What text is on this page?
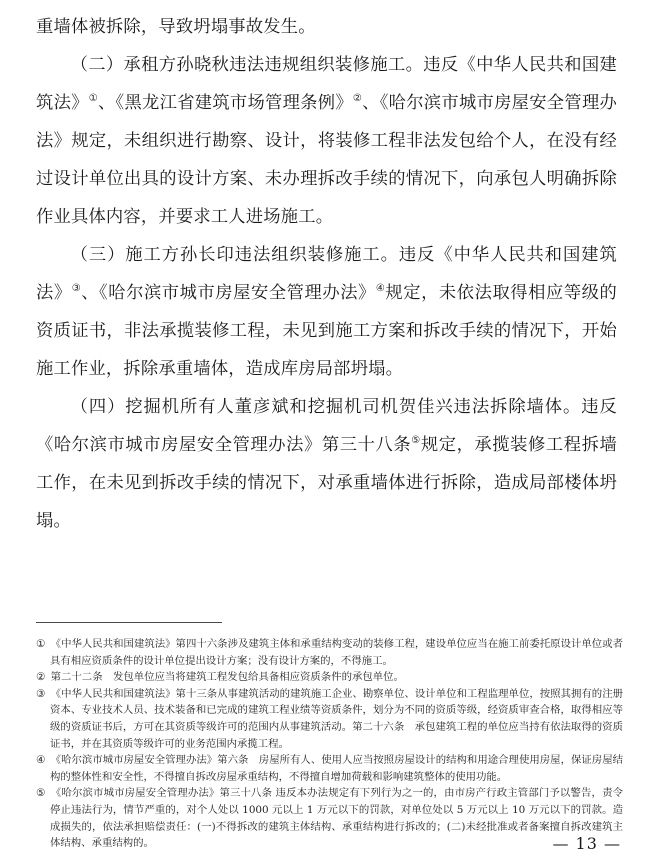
重墙体被拆除，导致坍塌事故发生。

（二）承租方孙晓秋违法违规组织装修施工。违反《中华人民共和国建筑法》①、《黑龙江省建筑市场管理条例》②、《哈尔滨市城市房屋安全管理办法》规定，未组织进行勘察、设计，将装修工程非法发包给个人，在没有经过设计单位出具的设计方案、未办理拆改手续的情况下，向承包人明确拆除作业具体内容，并要求工人进场施工。

（三）施工方孙长印违法组织装修施工。违反《中华人民共和国建筑法》③、《哈尔滨市城市房屋安全管理办法》④规定，未依法取得相应等级的资质证书，非法承揽装修工程，未见到施工方案和拆改手续的情况下，开始施工作业，拆除承重墙体，造成库房局部坍塌。

（四）挖掘机所有人董彦斌和挖掘机司机贺佳兴违法拆除墙体。违反《哈尔滨市城市房屋安全管理办法》第三十八条⑤规定，承揽装修工程拆墙工作，在未见到拆改手续的情况下，对承重墙体进行拆除，造成局部楼体坍塌。

① 《中华人民共和国建筑法》第四十六条涉及建筑主体和承重结构变动的装修工程，建设单位应当在施工前委托原设计单位或者具有相应资质条件的设计单位提出设计方案；没有设计方案的，不得施工。

② 第二十二条　发包单位应当将建筑工程发包给具备相应资质条件的承包单位。

③ 《中华人民共和国建筑法》第十三条从事建筑活动的建筑施工企业、勘察单位、设计单位和工程监理单位，按照其拥有的注册资本、专业技术人员、技术装备和已完成的建筑工程业绩等资质条件，划分为不同的资质等级，经资质审查合格，取得相应等级的资质证书后，方可在其资质等级许可的范围内从事建筑活动。第二十六条　承包建筑工程的单位应当持有依法取得的资质证书，并在其资质等级许可的业务范围内承揽工程。

④ 《哈尔滨市城市房屋安全管理办法》第六条　房屋所有人、使用人应当按照房屋设计的结构和用途合理使用房屋，保证房屋结构的整体性和安全性，不得擅自拆改房屋承重结构，不得擅自增加荷载和影响建筑整体的使用功能。

⑤ 《哈尔滨市城市房屋安全管理办法》第三十八条 违反本办法规定有下列行为之一的，由市房产行政主管部门予以警告，责令停止违法行为，情节严重的，对个人处以 1000 元以上 1 万元以下的罚款，对单位处以 5 万元以上 10 万元以下的罚款。造成损失的，依法承担赔偿责任：(一)不得拆改的建筑主体结构、承重结构进行拆改的；(二)未经批准或者备案擅自拆改建筑主体结构、承重结构的。	— 13 —
